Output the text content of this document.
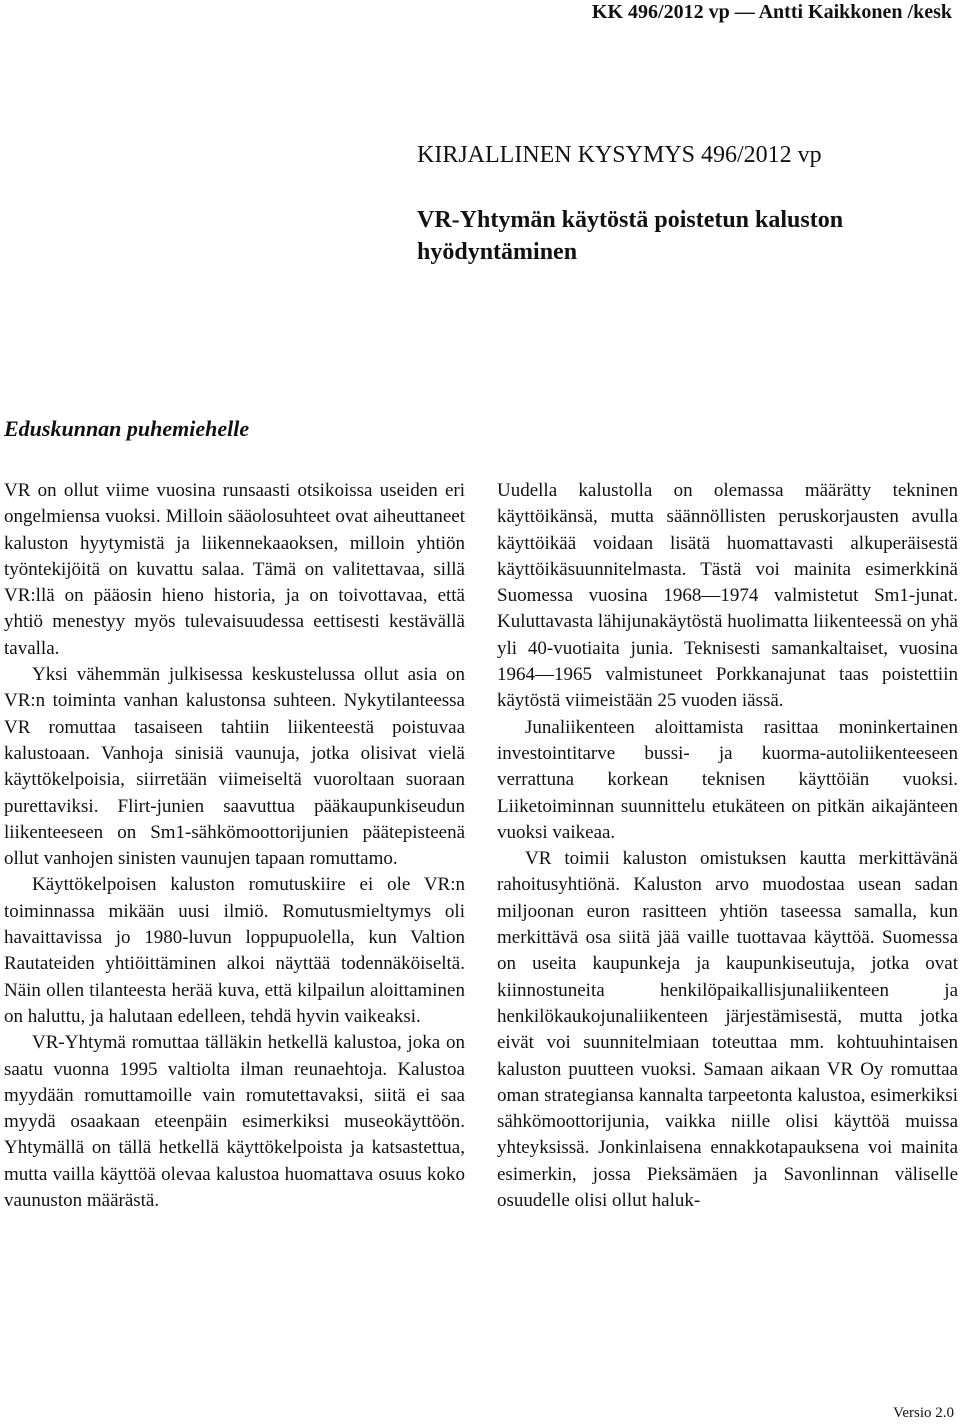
KK 496/2012 vp — Antti Kaikkonen /kesk
KIRJALLINEN KYSYMYS 496/2012 vp
VR-Yhtymän käytöstä poistetun kaluston hyödyntäminen
Eduskunnan puhemiehelle

VR on ollut viime vuosina runsaasti otsikoissa useiden eri ongelmiensa vuoksi. Milloin sääolosuhteet ovat aiheuttaneet kaluston hyytymistä ja liikennekaaoksen, milloin yhtiön työntekijöitä on kuvattu salaa. Tämä on valitettavaa, sillä VR:llä on pääosin hieno historia, ja on toivottavaa, että yhtiö menestyy myös tulevaisuudessa eettisesti kestävällä tavalla.

Yksi vähemmän julkisessa keskustelussa ollut asia on VR:n toiminta vanhan kalustonsa suhteen. Nykytilanteessa VR romuttaa tasaiseen tahtiin liikenteestä poistuvaa kalustoaan. Vanhoja sinisiä vaunuja, jotka olisivat vielä käyttökelpoisia, siirretään viimeiseltä vuoroltaan suoraan purettaviksi. Flirt-junien saavuttua pääkaupunkiseudun liikenteeseen on Sm1-sähkömoottorijunien päätepisteenä ollut vanhojen sinisten vaunujen tapaan romuttamo.

Käyttökelpoisen kaluston romutuskiire ei ole VR:n toiminnassa mikään uusi ilmiö. Romutusmieltymys oli havaittavissa jo 1980-luvun loppupuolella, kun Valtion Rautateiden yhtiöittäminen alkoi näyttää todennäköiseltä. Näin ollen tilanteesta herää kuva, että kilpailun aloittaminen on haluttu, ja halutaan edelleen, tehdä hyvin vaikeaksi.

VR-Yhtymä romuttaa tälläkin hetkellä kalustoa, joka on saatu vuonna 1995 valtiolta ilman reunaehtoja. Kalustoa myydään romuttamoille vain romutettavaksi, siitä ei saa myydä osaakaan eteenpäin esimerkiksi museokäyttöön. Yhtymällä on tällä hetkellä käyttökelpoista ja katsastettua, mutta vailla käyttöä olevaa kalustoa huomattava osuus koko vaunuston määrästä.

Uudella kalustolla on olemassa määrätty tekninen käyttöikänsä, mutta säännöllisten peruskorjausten avulla käyttöikää voidaan lisätä huomattavasti alkuperäisestä käyttöikäsuunnitelmasta. Tästä voi mainita esimerkkinä Suomessa vuosina 1968—1974 valmistetut Sm1-junat. Kuluttavasta lähijunakäytöstä huolimatta liikenteessä on yhä yli 40-vuotiaita junia. Teknisesti samankaltaiset, vuosina 1964—1965 valmistuneet Porkkanajunat taas poistettiin käytöstä viimeistään 25 vuoden iässä.

Junaliikenteen aloittamista rasittaa moninkertainen investointitarve bussi- ja kuorma-autoliikenteeseen verrattuna korkean teknisen käyttöiän vuoksi. Liiketoiminnan suunnittelu etukäteen on pitkän aikajänteen vuoksi vaikeaa.

VR toimii kaluston omistuksen kautta merkittävänä rahoitusyhtiönä. Kaluston arvo muodostaa usean sadan miljoonan euron rasitteen yhtiön taseessa samalla, kun merkittävä osa siitä jää vaille tuottavaa käyttöä. Suomessa on useita kaupunkeja ja kaupunkiseutuja, jotka ovat kiinnostuneita henkilöpaikallisjunaliikenteen ja henkilökaukojunaliikenteen järjestämisestä, mutta jotka eivät voi suunnitelmiaan toteuttaa mm. kohtuuhintaisen kaluston puutteen vuoksi. Samaan aikaan VR Oy romuttaa oman strategiansa kannalta tarpeetonta kalustoa, esimerkiksi sähkömoottorijunia, vaikka niille olisi käyttöä muissa yhteyksissä. Jonkinlaisena ennakkotapauksena voi mainita esimerkin, jossa Pieksämäen ja Savonlinnan väliselle osuudelle olisi ollut haluk-

Versio 2.0
